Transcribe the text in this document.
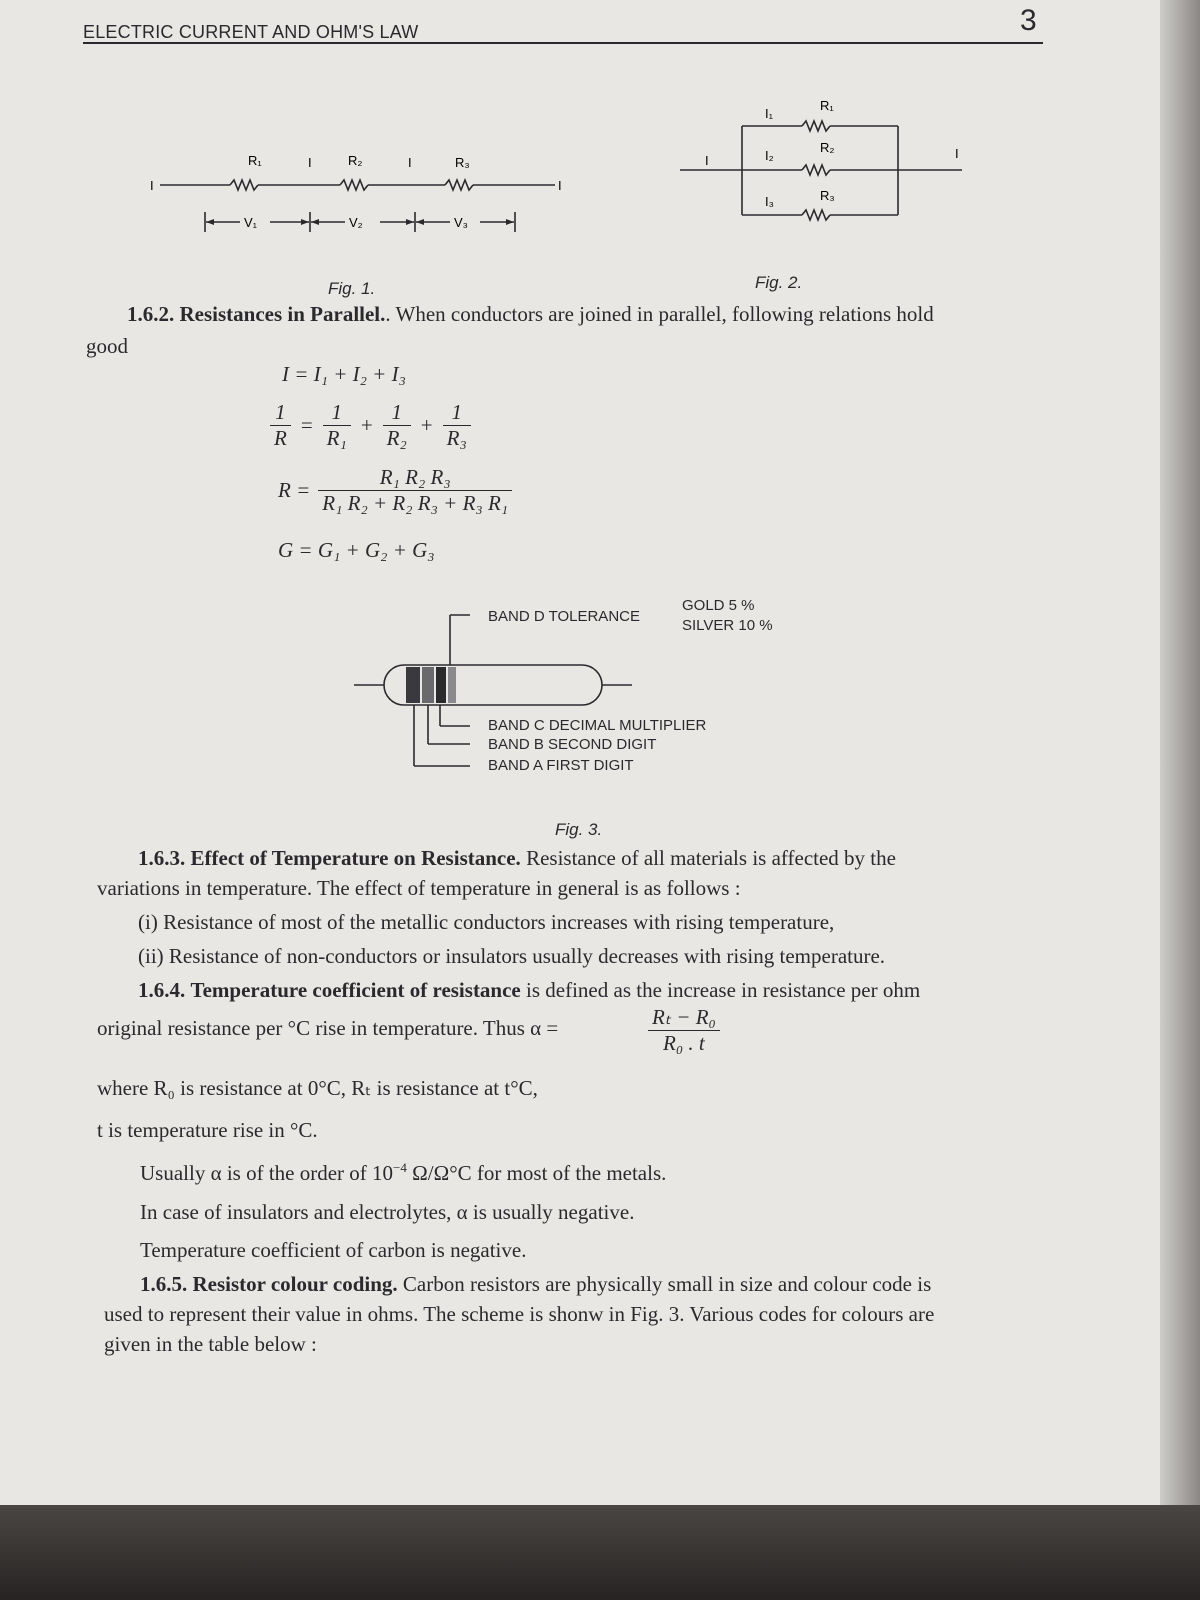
ELECTRIC CURRENT AND OHM'S LAW	3
I	I
R₁	I	R₂	I	R₃
V₁	V₂	V₃
Fig. 1.
I	I
I₁
I₂
I₃
R₁
R₂
R₃
Fig. 2.
1.6.2. Resistances in Parallel.. When conductors are joined in parallel, following relations hold
good
I = I₁ + I₂ + I₃
$\frac{1}{R} = \frac{1}{\text{R₁}} + \frac{1}{\text{R₂}} + \frac{1}{\text{R₃}}$
$R = \frac{\text{R₁ R₂ R₃}}{\text{R₁ R₂ + R₂ R₃ + R₃ R₁}}$
G = G₁ + G₂ + G₃
BAND D TOLERANCE
GOLD 5 %
SILVER 10 %
BAND C DECIMAL MULTIPLIER
BAND B SECOND DIGIT
BAND A FIRST DIGIT
Fig. 3.
1.6.3. Effect of Temperature on Resistance. Resistance of all materials is affected by the
variations in temperature. The effect of temperature in general is as follows :
(i) Resistance of most of the metallic conductors increases with rising temperature,
(ii) Resistance of non-conductors or insulators usually decreases with rising temperature.
1.6.4. Temperature coefficient of resistance is defined as the increase in resistance per ohm
original resistance per °C rise in temperature. Thus α =	$\frac{\text{Rₜ − R₀}}{\text{R₀ . t}}$
where R₀ is resistance at 0°C, Rₜ is resistance at t°C,
t is temperature rise in °C.
Usually α is of the order of $10^{-4}$ Ω/Ω°C for most of the metals.
In case of insulators and electrolytes, α is usually negative.
Temperature coefficient of carbon is negative.
1.6.5. Resistor colour coding. Carbon resistors are physically small in size and colour code is
used to represent their value in ohms. The scheme is shonw in Fig. 3. Various codes for colours are
given in the table below :
